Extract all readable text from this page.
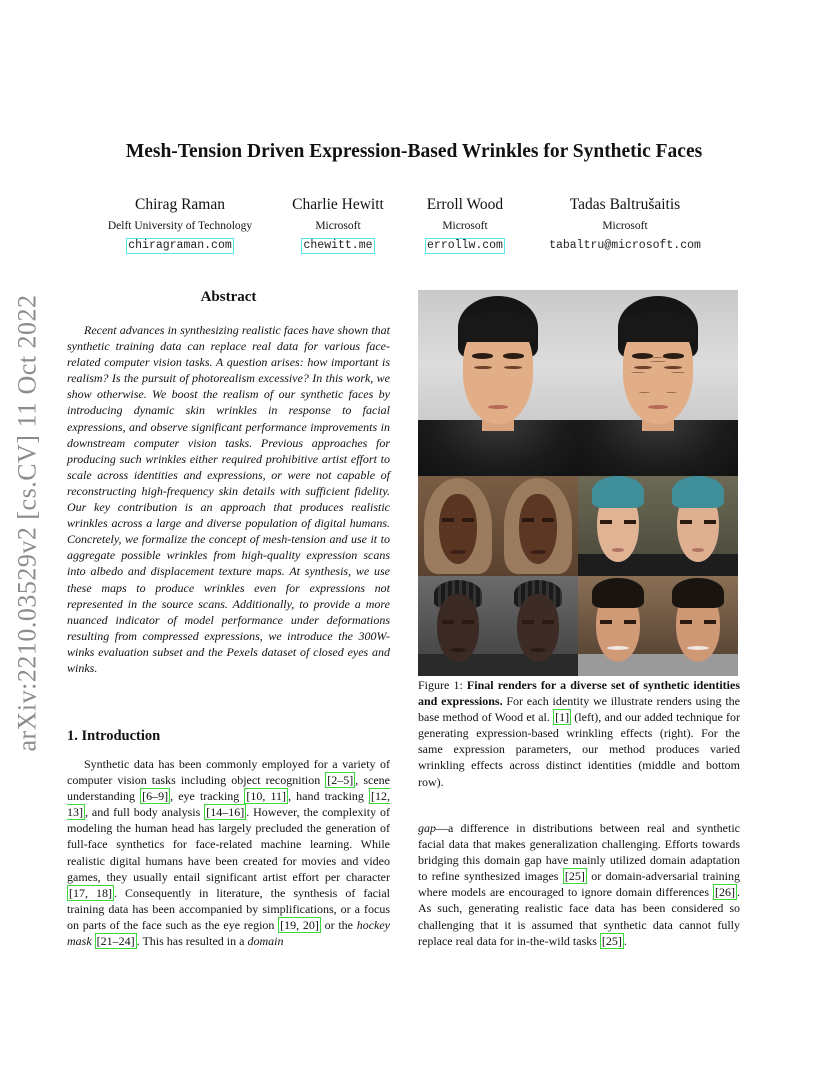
arXiv:2210.03529v2 [cs.CV] 11 Oct 2022
Mesh-Tension Driven Expression-Based Wrinkles for Synthetic Faces
Chirag Raman
Delft University of Technology
chiragraman.com
Charlie Hewitt
Microsoft
chewitt.me
Erroll Wood
Microsoft
errollw.com
Tadas Baltrušaitis
Microsoft
tabaltru@microsoft.com
Abstract

Recent advances in synthesizing realistic faces have shown that synthetic training data can replace real data for various face-related computer vision tasks. A question arises: how important is realism? Is the pursuit of photorealism excessive? In this work, we show otherwise. We boost the realism of our synthetic faces by introducing dynamic skin wrinkles in response to facial expressions, and observe significant performance improvements in downstream computer vision tasks. Previous approaches for producing such wrinkles either required prohibitive artist effort to scale across identities and expressions, or were not capable of reconstructing high-frequency skin details with sufficient fidelity. Our key contribution is an approach that produces realistic wrinkles across a large and diverse population of digital humans. Concretely, we formalize the concept of mesh-tension and use it to aggregate possible wrinkles from high-quality expression scans into albedo and displacement texture maps. At synthesis, we use these maps to produce wrinkles even for expressions not represented in the source scans. Additionally, to provide a more nuanced indicator of model performance under deformations resulting from compressed expressions, we introduce the 300W-winks evaluation subset and the Pexels dataset of closed eyes and winks.

1. Introduction

Synthetic data has been commonly employed for a variety of computer vision tasks including object recognition [2–5] , scene understanding [6–9] , eye tracking [10, 11] , hand tracking [12, 13] , and full body analysis [14–16] . However, the complexity of modeling the human head has largely precluded the generation of full-face synthetics for face-related machine learning. While realistic digital humans have been created for movies and video games, they usually entail significant artist effort per character [17, 18] . Consequently in literature, the synthesis of facial training data has been accompanied by simplifications, or a focus on parts of the face such as the eye region [19, 20] or the hockey mask [21–24] . This has resulted in a domain

Figure 1: Final renders for a diverse set of synthetic identities and expressions. For each identity we illustrate renders using the base method of Wood et al. [1] (left), and our added technique for generating expression-based wrinkling effects (right). For the same expression parameters, our method produces varied wrinkling effects across distinct identities (middle and bottom row).

gap—a difference in distributions between real and synthetic facial data that makes generalization challenging. Efforts towards bridging this domain gap have mainly utilized domain adaptation to refine synthesized images [25] or domain-adversarial training where models are encouraged to ignore domain differences [26] . As such, generating realistic face data has been considered so challenging that it is assumed that synthetic data cannot fully replace real data for in-the-wild tasks [25] .
